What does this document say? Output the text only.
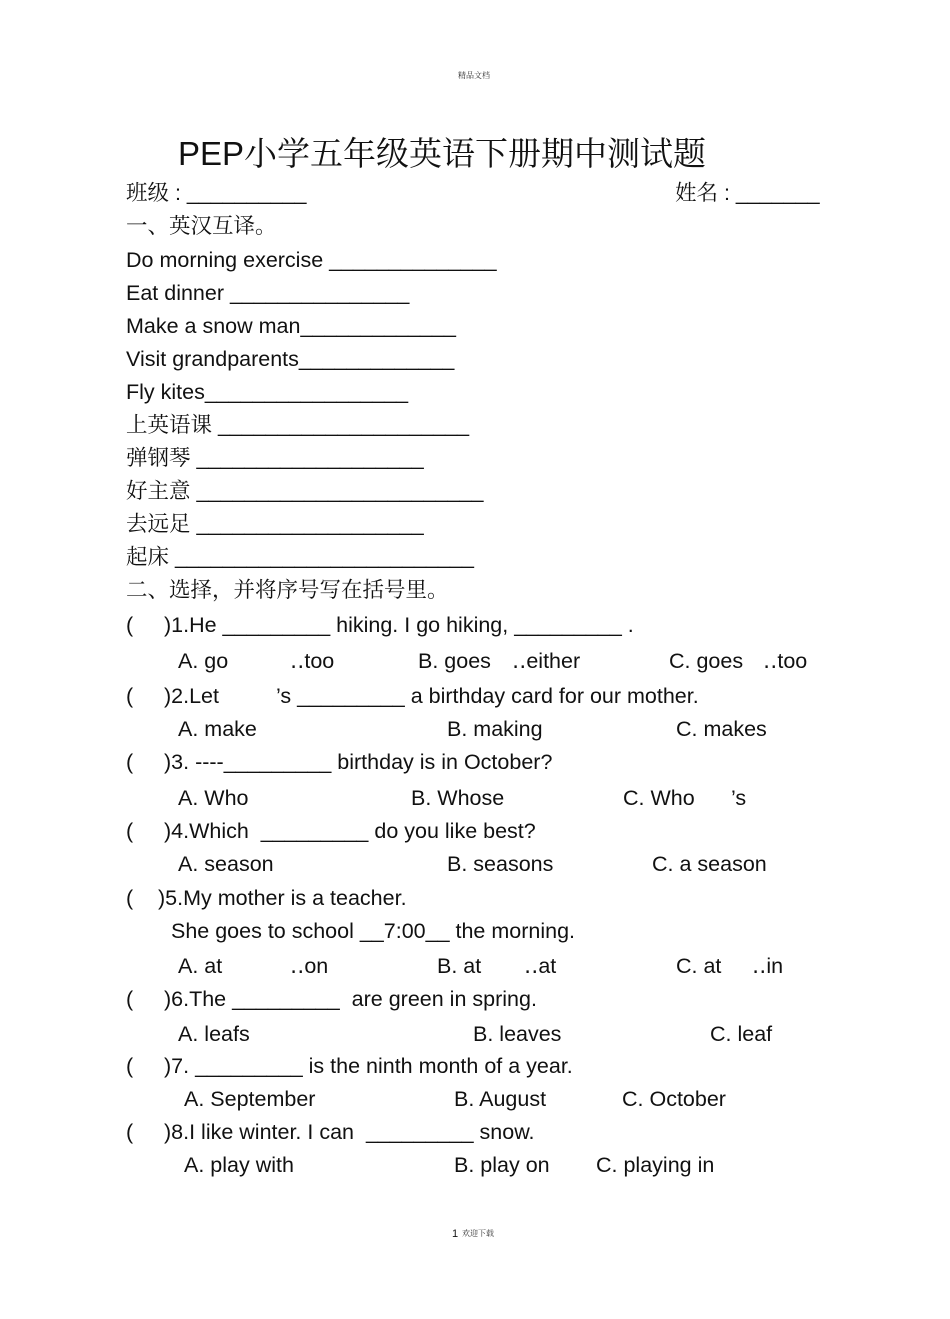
精品文档
PEP小学五年级英语下册期中测试题
班级 : __________	姓名 : _______
一、英汉互译。
Do morning exercise ______________
Eat dinner _______________
Make a snow man_____________
Visit grandparents_____________
Fly kites_________________
上英语课 _____________________
弹钢琴 ___________________
好主意 ________________________
去远足 ___________________
起床 _________________________
二、选择，并将序号写在括号里。
( )1.He _________ hiking. I go hiking, _________ .
A. go	‥too	B. goes ‥either	C. goes ‥too
( )2.Let	’s _________ a birthday card for our mother.
A. make	B. making	C. makes
( )3. ----_________ birthday is in October?
A. Who	B. Whose	C. Who ’s
( )4.Which  _________ do you like best?
A. season	B. seasons	C. a season
( )5.My mother is a teacher.
She goes to school __7:00__ the morning.
A. at	‥on	B. at ‥at	C. at ‥in
( )6.The _________  are green in spring.
A. leafs	B. leaves	C. leaf
( )7. _________ is the ninth month of a year.
A. September	B. August	C. October
( )8.I like winter. I can  _________ snow.
A. play with	B. play on C. playing in
1 欢迎下载
